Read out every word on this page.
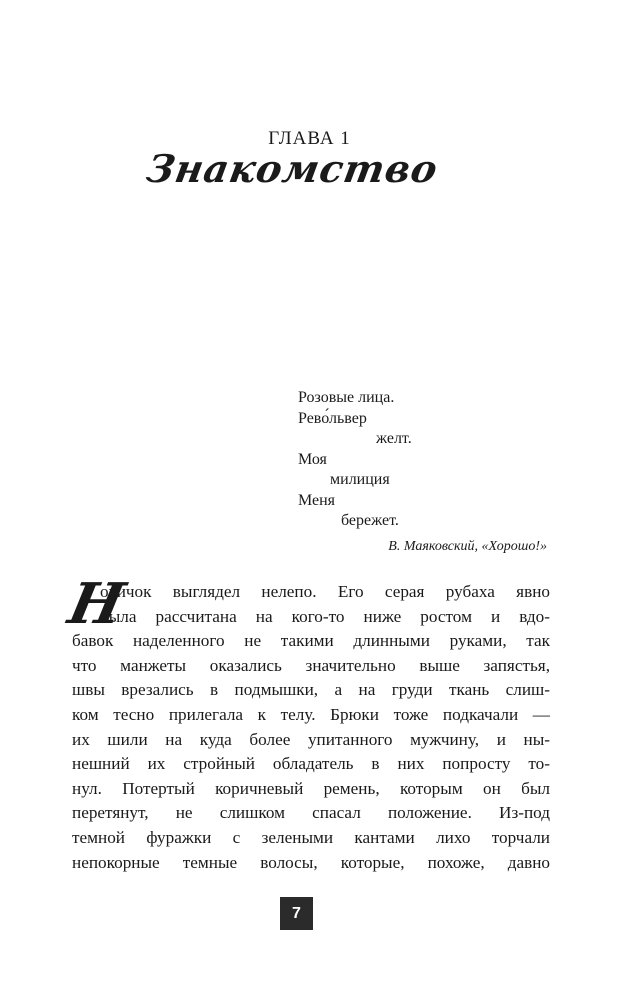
ГЛАВА 1
Знакомство
Розовые лица.
Рево́львер
желт.
Моя
милиция
Меня
бережет.
В. Маяковский, «Хорошо!»
Н
овичок выглядел нелепо. Его серая рубаха явно
была рассчитана на кого-то ниже ростом и вдо-
бавок наделенного не такими длинными руками, так
что манжеты оказались значительно выше запястья,
швы врезались в подмышки, а на груди ткань слиш-
ком тесно прилегала к телу. Брюки тоже подкачали —
их шили на куда более упитанного мужчину, и ны-
нешний их стройный обладатель в них попросту то-
нул. Потертый коричневый ремень, которым он был
перетянут, не слишком спасал положение. Из-под
темной фуражки с зелеными кантами лихо торчали
непокорные темные волосы, которые, похоже, давно
7
